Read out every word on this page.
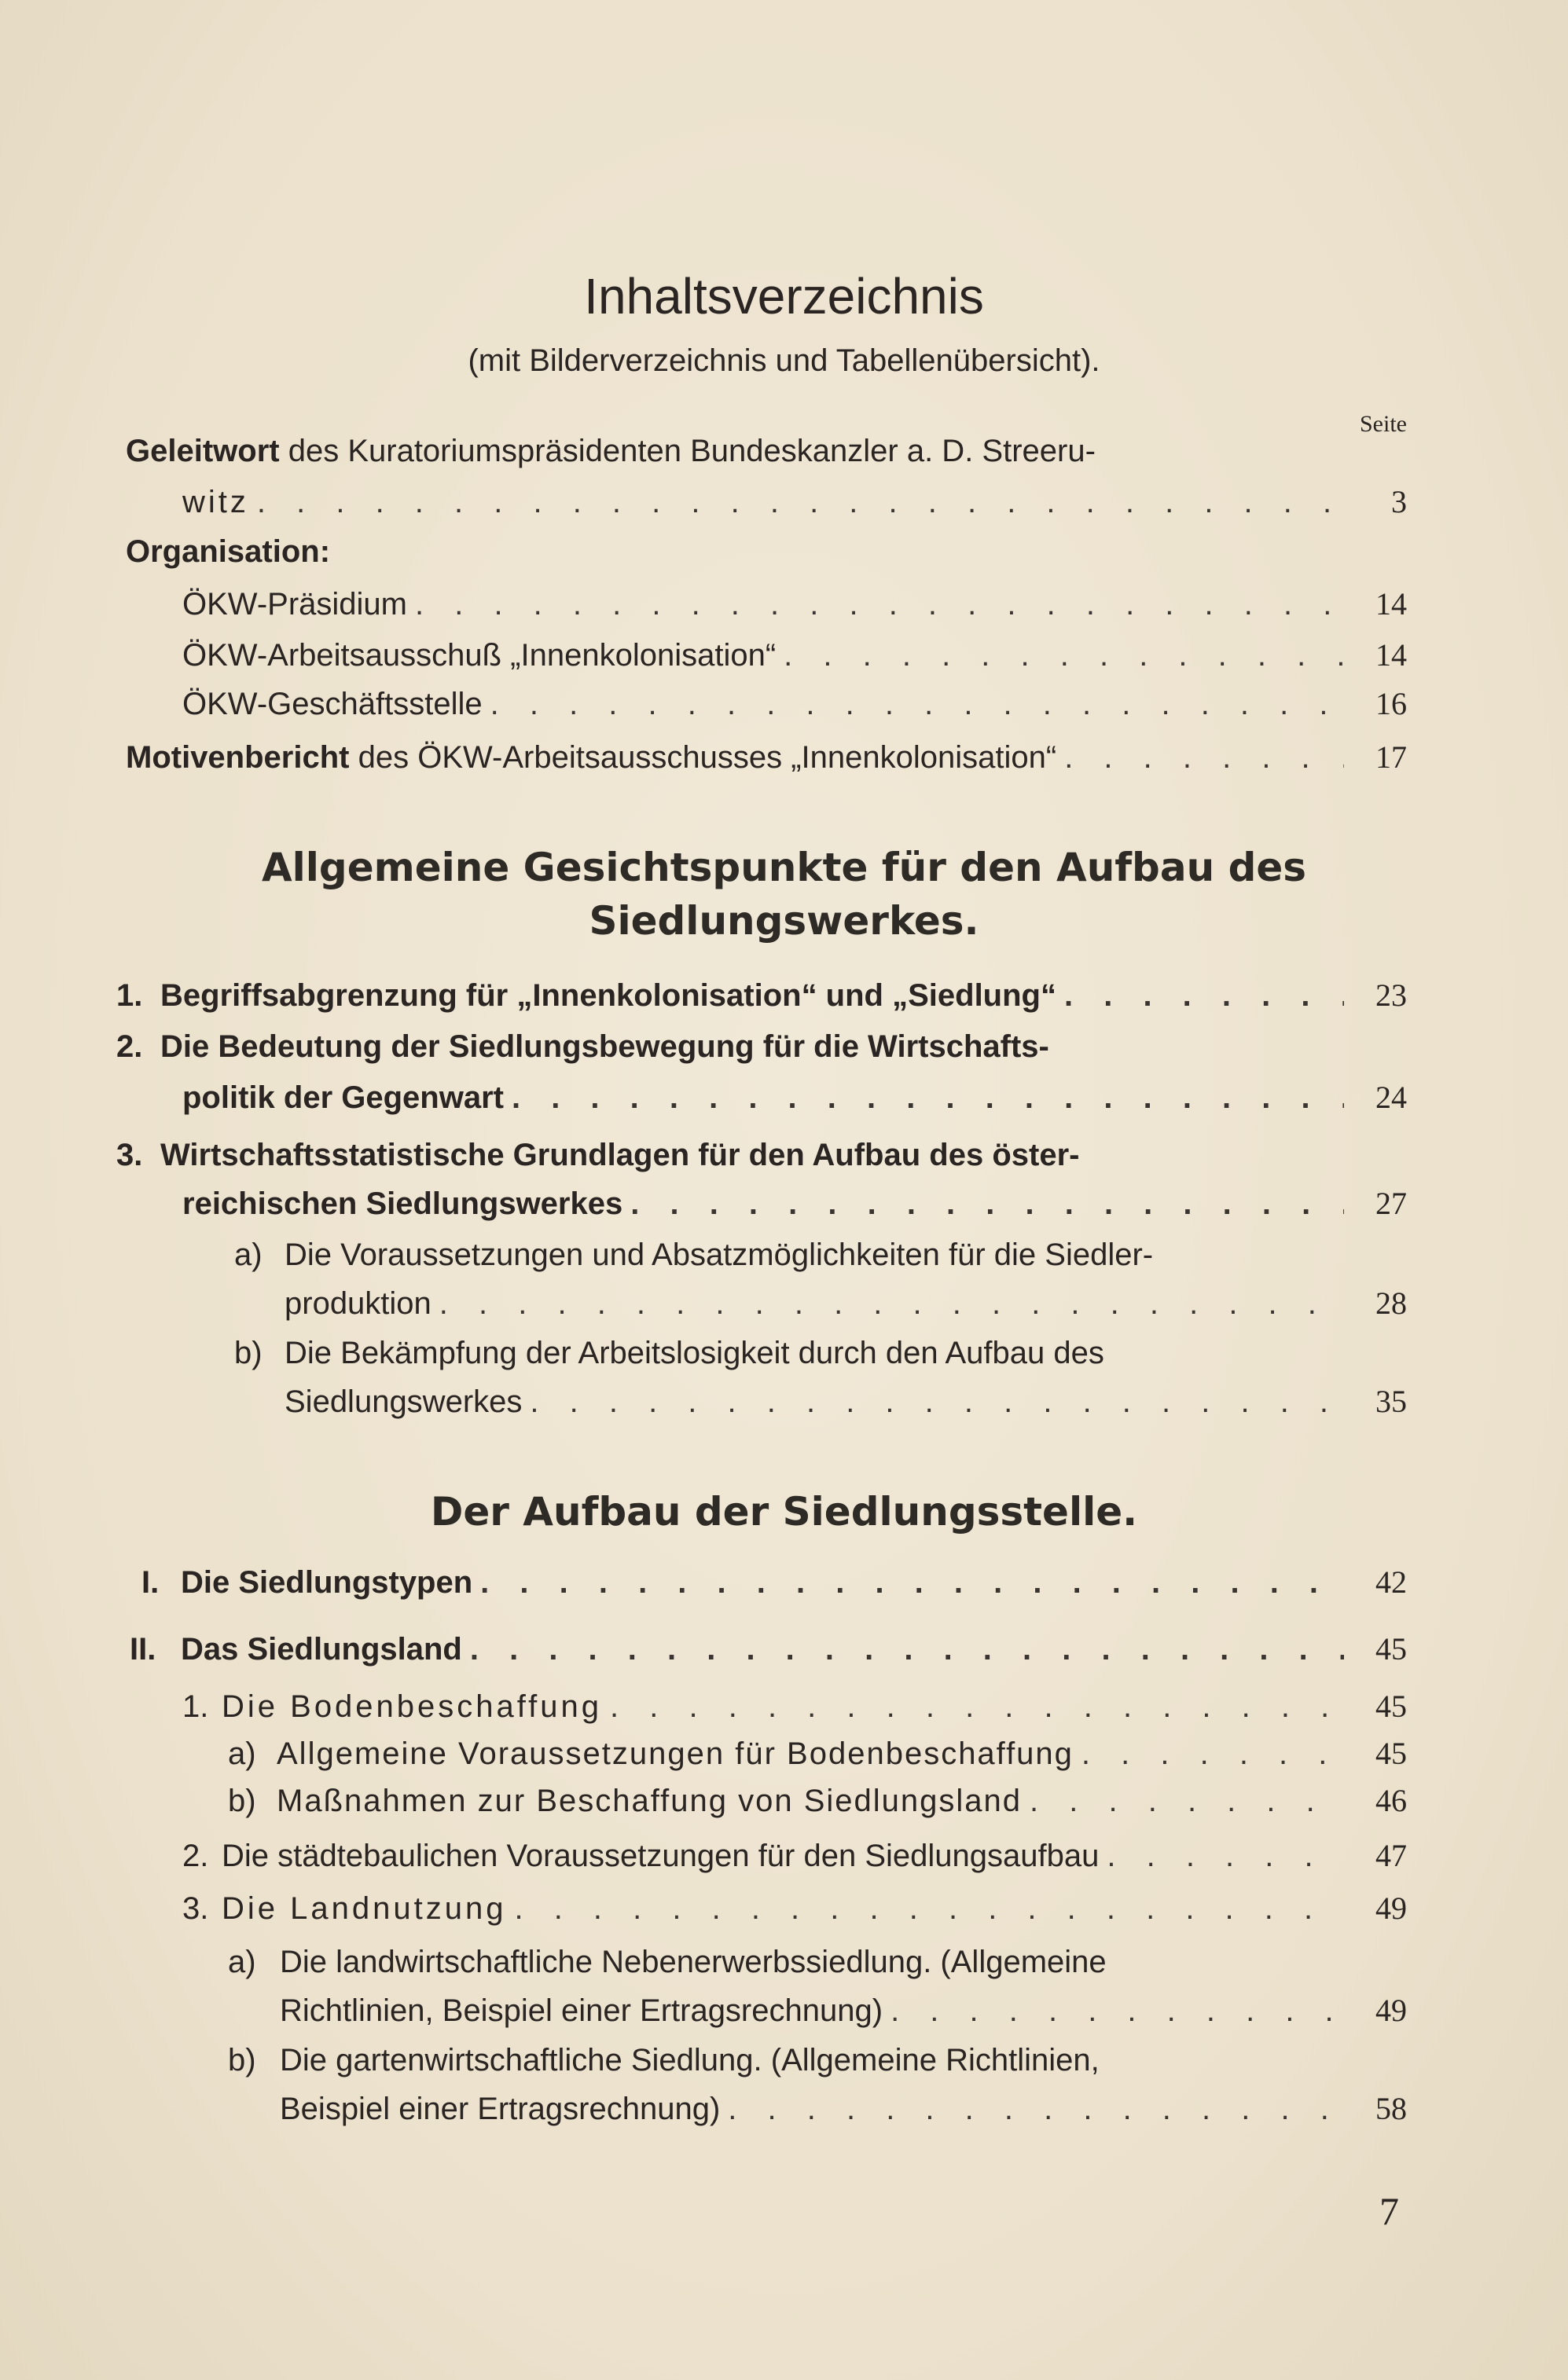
Inhaltsverzeichnis
(mit Bilderverzeichnis und Tabellenübersicht).
Seite
Geleitwort des Kuratoriumspräsidenten Bundeskanzler a. D. Streeru-
witz . . .	3
Organisation:
ÖKW-Präsidium . . .	14
ÖKW-Arbeitsausschuß „Innenkolonisation“ . . .	14
ÖKW-Geschäftsstelle . . .	16
Motivenbericht des ÖKW-Arbeitsausschusses „Innenkolonisation“ . . .	17
Allgemeine Gesichtspunkte für den Aufbau des
Siedlungswerkes.
1. Begriffsabgrenzung für „Innenkolonisation“ und „Siedlung“ . . .	23
2. Die Bedeutung der Siedlungsbewegung für die Wirtschafts-
politik der Gegenwart . . .	24
3. Wirtschaftsstatistische Grundlagen für den Aufbau des öster-
reichischen Siedlungswerkes . . .	27
a) Die Voraussetzungen und Absatzmöglichkeiten für die Siedler-
produktion . . .	28
b) Die Bekämpfung der Arbeitslosigkeit durch den Aufbau des
Siedlungswerkes . . .	35
Der Aufbau der Siedlungsstelle.
I. Die Siedlungstypen . . .	42
II. Das Siedlungsland . . .	45
1. Die Bodenbeschaffung . . .	45
a) Allgemeine Voraussetzungen für Bodenbeschaffung . . .	45
b) Maßnahmen zur Beschaffung von Siedlungsland . . .	46
2. Die städtebaulichen Voraussetzungen für den Siedlungsaufbau . . .	47
3. Die Landnutzung . . .	49
a) Die landwirtschaftliche Nebenerwerbssiedlung. (Allgemeine
Richtlinien, Beispiel einer Ertragsrechnung) . . .	49
b) Die gartenwirtschaftliche Siedlung. (Allgemeine Richtlinien,
Beispiel einer Ertragsrechnung) . . .	58
7
